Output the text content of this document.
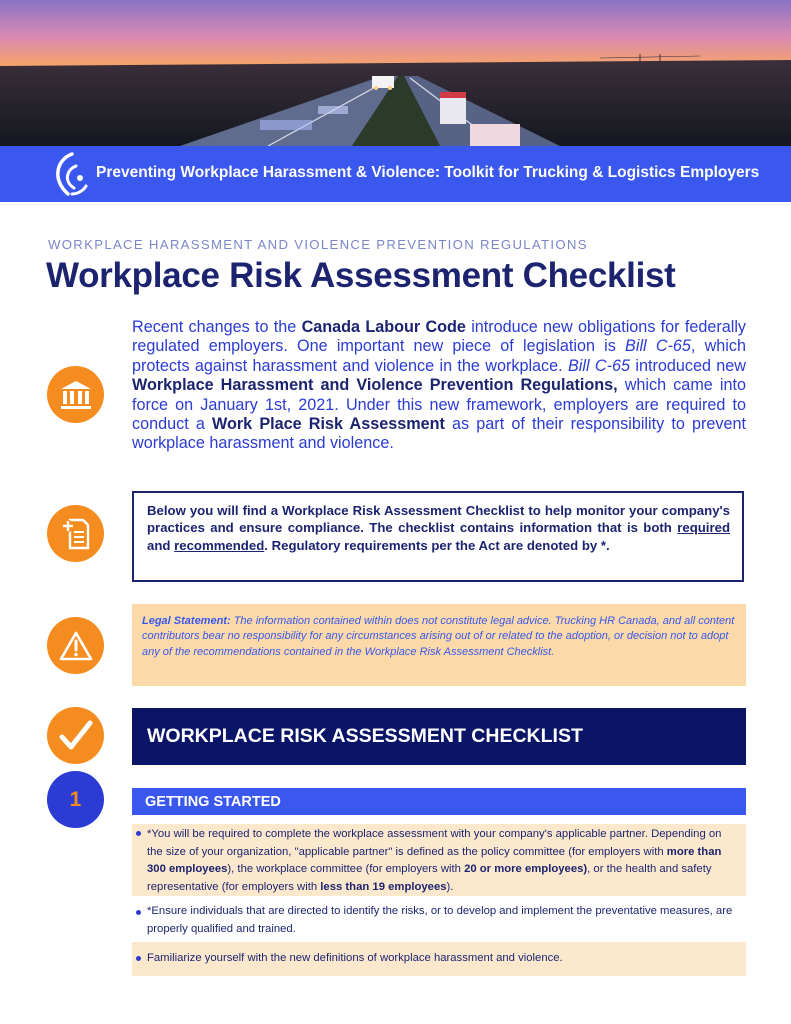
Preventing Workplace Harassment & Violence: Toolkit for Trucking & Logistics Employers
WORKPLACE HARASSMENT AND VIOLENCE PREVENTION REGULATIONS
Workplace Risk Assessment Checklist
Recent changes to the Canada Labour Code introduce new obligations for federally regulated employers. One important new piece of legislation is Bill C-65, which protects against harassment and violence in the workplace. Bill C-65 introduced new Workplace Harassment and Violence Prevention Regulations, which came into force on January 1st, 2021. Under this new framework, employers are required to conduct a Work Place Risk Assessment as part of their responsibility to prevent workplace harassment and violence.
Below you will find a Workplace Risk Assessment Checklist to help monitor your company's practices and ensure compliance. The checklist contains information that is both required and recommended. Regulatory requirements per the Act are denoted by *.
Legal Statement: The information contained within does not constitute legal advice. Trucking HR Canada, and all content contributors bear no responsibility for any circumstances arising out of or related to the adoption, or decision not to adopt any of the recommendations contained in the Workplace Risk Assessment Checklist.
WORKPLACE RISK ASSESSMENT CHECKLIST
1	GETTING STARTED
*You will be required to complete the workplace assessment with your company's applicable partner. Depending on the size of your organization, "applicable partner" is defined as the policy committee (for employers with more than 300 employees), the workplace committee (for employers with 20 or more employees), or the health and safety representative (for employers with less than 19 employees).
*Ensure individuals that are directed to identify the risks, or to develop and implement the preventative measures, are properly qualified and trained.
Familiarize yourself with the new definitions of workplace harassment and violence.
